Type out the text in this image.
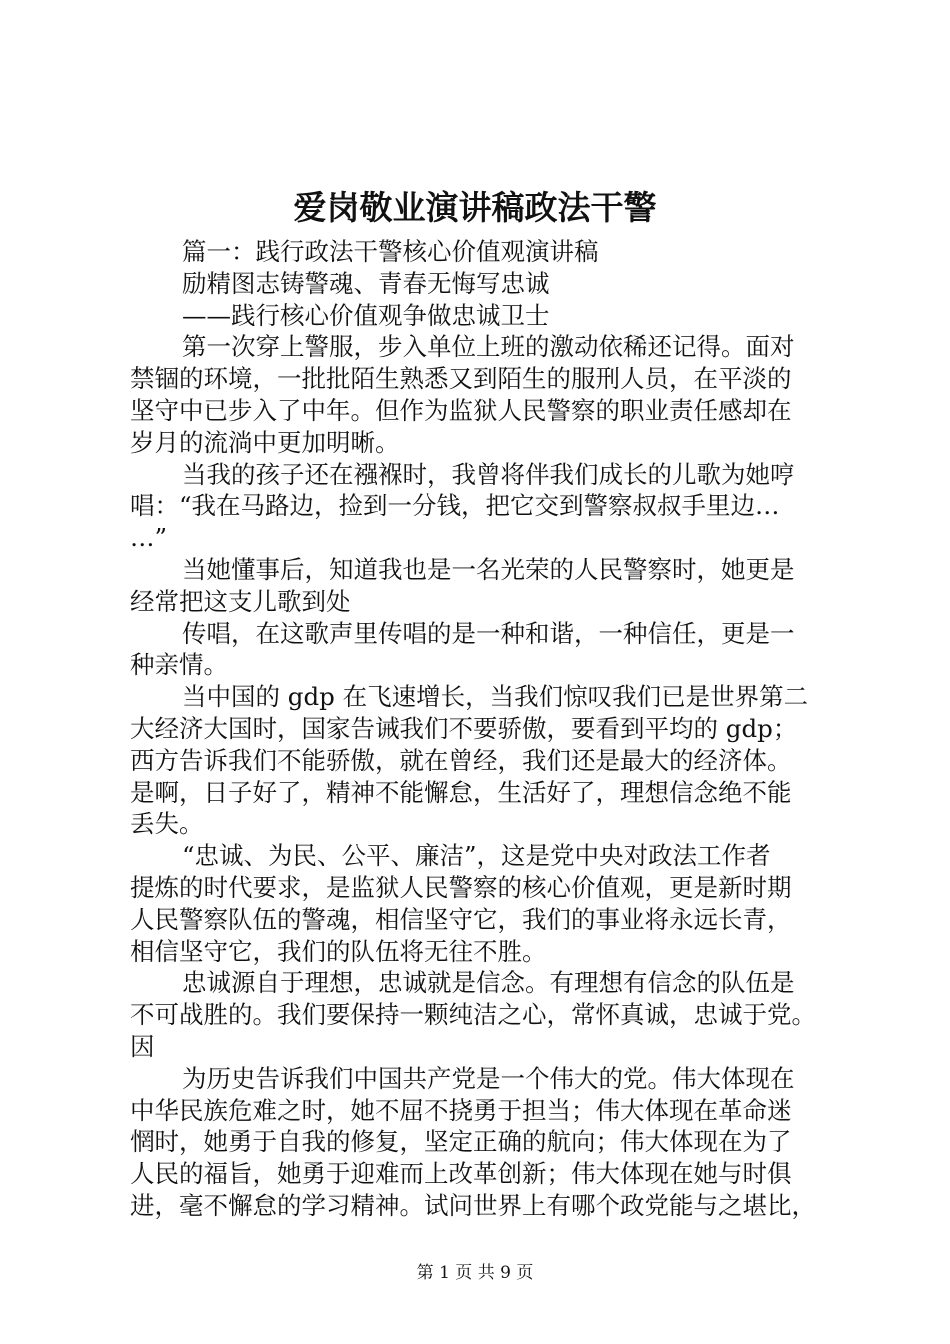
爱岗敬业演讲稿政法干警
篇一：践行政法干警核心价值观演讲稿
励精图志铸警魂、青春无悔写忠诚
——践行核心价值观争做忠诚卫士
第一次穿上警服，步入单位上班的激动依稀还记得。面对
禁锢的环境，一批批陌生熟悉又到陌生的服刑人员，在平淡的
坚守中已步入了中年。但作为监狱人民警察的职业责任感却在
岁月的流淌中更加明晰。
当我的孩子还在襁褓时，我曾将伴我们成长的儿歌为她哼
唱：“我在马路边，捡到一分钱，把它交到警察叔叔手里边…
…”
当她懂事后，知道我也是一名光荣的人民警察时，她更是
经常把这支儿歌到处
传唱，在这歌声里传唱的是一种和谐，一种信任，更是一
种亲情。
当中国的 gdp 在飞速增长，当我们惊叹我们已是世界第二
大经济大国时，国家告诫我们不要骄傲，要看到平均的 gdp；
西方告诉我们不能骄傲，就在曾经，我们还是最大的经济体。
是啊，日子好了，精神不能懈怠，生活好了，理想信念绝不能
丢失。
“忠诚、为民、公平、廉洁”，这是党中央对政法工作者
提炼的时代要求，是监狱人民警察的核心价值观，更是新时期
人民警察队伍的警魂，相信坚守它，我们的事业将永远长青，
相信坚守它，我们的队伍将无往不胜。
忠诚源自于理想，忠诚就是信念。有理想有信念的队伍是
不可战胜的。我们要保持一颗纯洁之心，常怀真诚，忠诚于党。
因
为历史告诉我们中国共产党是一个伟大的党。伟大体现在
中华民族危难之时，她不屈不挠勇于担当；伟大体现在革命迷
惘时，她勇于自我的修复，坚定正确的航向；伟大体现在为了
人民的福旨，她勇于迎难而上改革创新；伟大体现在她与时俱
进，毫不懈怠的学习精神。试问世界上有哪个政党能与之堪比，
第 1 页 共 9 页
